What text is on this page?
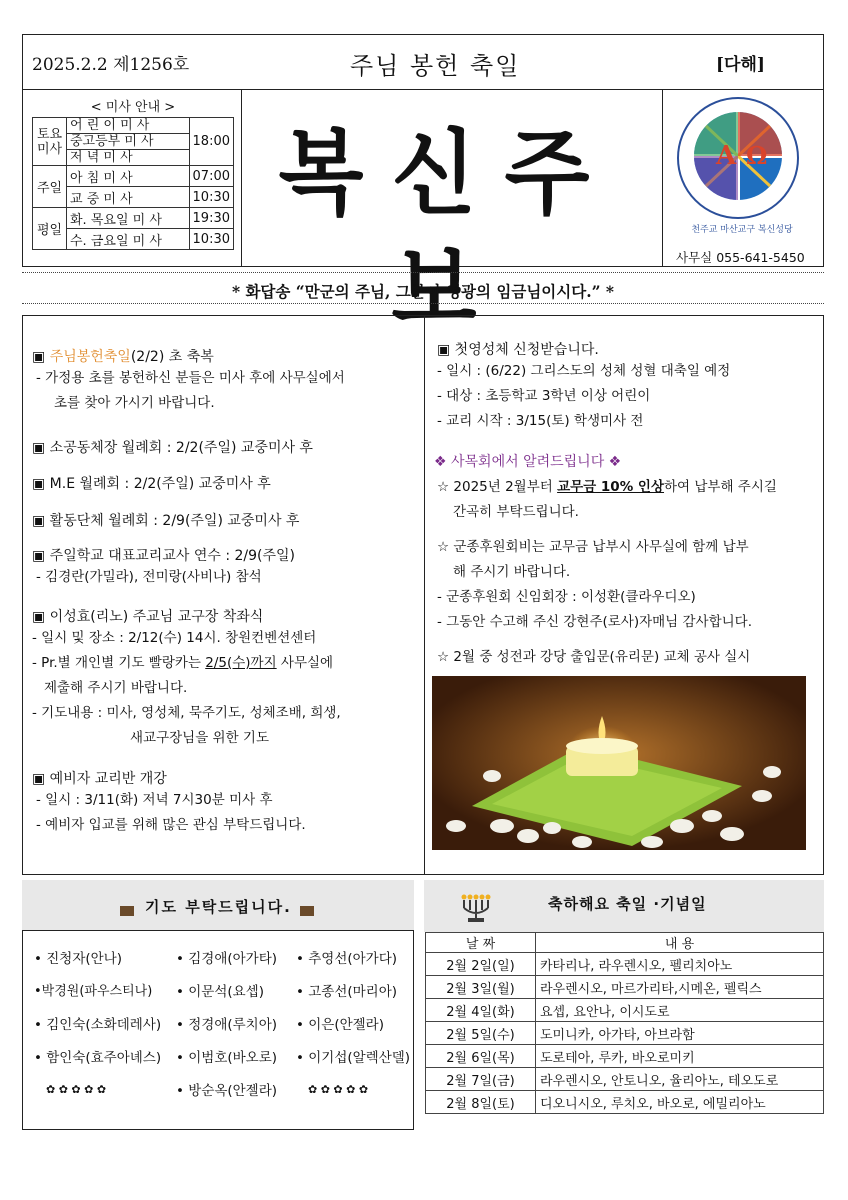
2025.2.2 제1256호	주님 봉헌 축일	[다해]
< 미사 안내 >
토요 미사	어 린 이 미 사	18:00
	중고등부 미 사	
	저 녁 미 사	
주일	아 침 미 사	07:00
	교 중 미 사	10:30
평일	화. 목요일 미 사	19:30
	수. 금요일 미 사	10:30
복신주보
A Ω
천주교 마산교구 복신성당
사무실 055-641-5450
* 화답송 “만군의 주님, 그분이 영광의 임금님이시다.” *
▣ 주님봉헌축일(2/2) 초 축복
- 가정용 초를 봉헌하신 분들은 미사 후에 사무실에서
초를 찾아 가시기 바랍니다.
▣ 소공동체장 월례회 : 2/2(주일) 교중미사 후
▣ M.E 월례회 : 2/2(주일) 교중미사 후
▣ 활동단체 월례회 : 2/9(주일) 교중미사 후
▣ 주일학교 대표교리교사 연수 : 2/9(주일)
- 김경란(가밀라), 전미랑(사비나) 참석
▣ 이성효(리노) 주교님 교구장 착좌식
- 일시 및 장소 : 2/12(수) 14시. 창원컨벤션센터
- Pr.별 개인별 기도 빨랑카는 2/5(수)까지 사무실에
제출해 주시기 바랍니다.
- 기도내용 : 미사, 영성체, 묵주기도, 성체조배, 희생,
새교구장님을 위한 기도
▣ 예비자 교리반 개강
- 일시 : 3/11(화) 저녁 7시30분 미사 후
- 예비자 입교를 위해 많은 관심 부탁드립니다.
▣ 첫영성체 신청받습니다.
- 일시 : (6/22) 그리스도의 성체 성혈 대축일 예정
- 대상 : 초등학교 3학년 이상 어린이
- 교리 시작 : 3/15(토) 학생미사 전
❖ 사목회에서 알려드립니다 ❖
☆ 2025년 2월부터 교무금 10% 인상하여 납부해 주시길
간곡히 부탁드립니다.
☆ 군종후원회비는 교무금 납부시 사무실에 함께 납부
해 주시기 바랍니다.
- 군종후원회 신임회장 : 이성환(클라우디오)
- 그동안 수고해 주신 강현주(로사)자매님 감사합니다.
☆ 2월 중 성전과 강당 출입문(유리문) 교체 공사 실시
기도 부탁드립니다.
• 진청자(안나)	• 김경애(아가타) • 추영선(아가다)
•박경원(파우스티나) • 이문석(요셉) • 고종선(마리아)
• 김인숙(소화데레사) • 정경애(루치아) • 이은(안젤라)
• 함인숙(효주아녜스) • 이범호(바오로) • 이기섭(알렉산델)
✿ ✿ ✿ ✿ ✿	• 방순옥(안젤라)	✿ ✿ ✿ ✿ ✿
축하해요 축일 ·기념일
날 짜	내 용
2월 2일(일)	카타리나, 라우렌시오, 펠리치아노
2월 3일(월)	라우렌시오, 마르가리타,시메온, 펠릭스
2월 4일(화)	요셉, 요안나, 이시도로
2월 5일(수)	도미니카, 아가타, 아브라함
2월 6일(목)	도로테아, 루카, 바오로미키
2월 7일(금)	라우렌시오, 안토니오, 율리아노, 테오도로
2월 8일(토)	디오니시오, 루치오, 바오로, 에밀리아노
